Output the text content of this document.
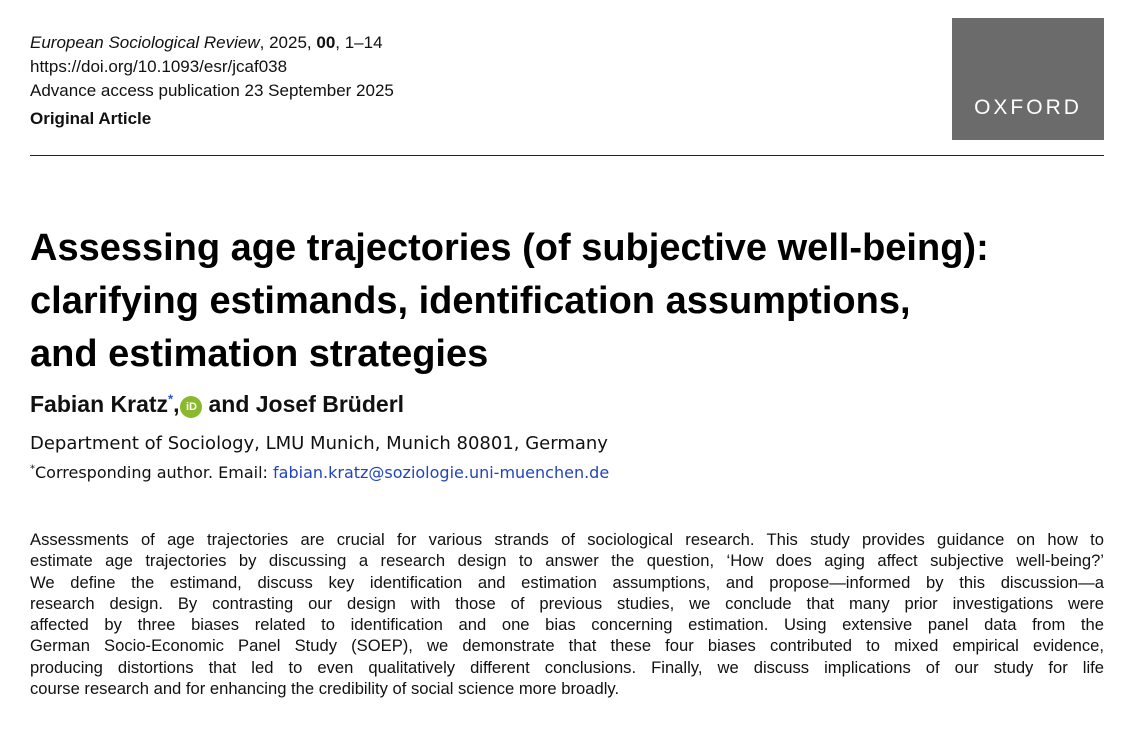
European Sociological Review, 2025, 00, 1–14
https://doi.org/10.1093/esr/jcaf038
Advance access publication 23 September 2025
Original Article	OXFORD
Assessing age trajectories (of subjective well-being):
clarifying estimands, identification assumptions,
and estimation strategies
Fabian Kratz*, iD and Josef Brüderl
Department of Sociology, LMU Munich, Munich 80801, Germany
*Corresponding author. Email: fabian.kratz@soziologie.uni-muenchen.de
Assessments of age trajectories are crucial for various strands of sociological research. This study provides guidance on how to
estimate age trajectories by discussing a research design to answer the question, ‘How does aging affect subjective well-being?’
We define the estimand, discuss key identification and estimation assumptions, and propose—informed by this discussion—a
research design. By contrasting our design with those of previous studies, we conclude that many prior investigations were
affected by three biases related to identification and one bias concerning estimation. Using extensive panel data from the
German Socio-Economic Panel Study (SOEP), we demonstrate that these four biases contributed to mixed empirical evidence,
producing distortions that led to even qualitatively different conclusions. Finally, we discuss implications of our study for life
course research and for enhancing the credibility of social science more broadly.
